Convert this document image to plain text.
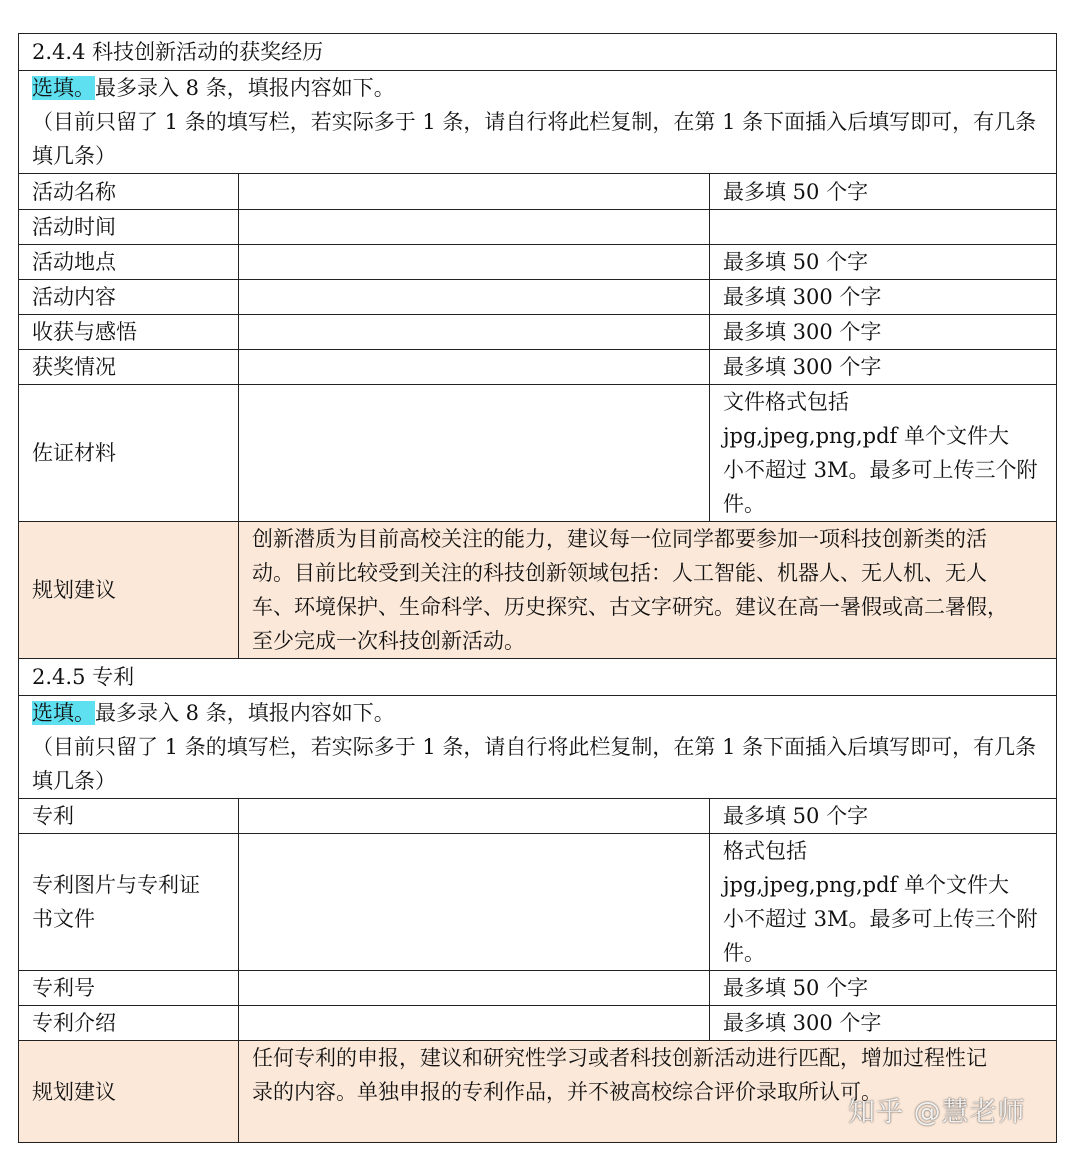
2.4.4 科技创新活动的获奖经历		
选填。最多录入 8 条，填报内容如下。
（目前只留了 1 条的填写栏，若实际多于 1 条，请自行将此栏复制，在第 1 条下面插入后填写即可，有几条填几条）		
活动名称		最多填 50 个字
活动时间		
活动地点		最多填 50 个字
活动内容		最多填 300 个字
收获与感悟		最多填 300 个字
获奖情况		最多填 300 个字
佐证材料		文件格式包括
jpg,jpeg,png,pdf 单个文件大
小不超过 3M。最多可上传三个附
件。

规划建议	创新潜质为目前高校关注的能力，建议每一位同学都要参加一项科技创新类的活
动。目前比较受到关注的科技创新领域包括：人工智能、机器人、无人机、无人
车、环境保护、生命科学、历史探究、古文字研究。建议在高一暑假或高二暑假，
至少完成一次科技创新活动。	

2.4.5 专利		
选填。最多录入 8 条，填报内容如下。
（目前只留了 1 条的填写栏，若实际多于 1 条，请自行将此栏复制，在第 1 条下面插入后填写即可，有几条填几条）		
专利		最多填 50 个字

专利图片与专利证
书文件		格式包括
jpg,jpeg,png,pdf 单个文件大
小不超过 3M。最多可上传三个附
件。

专利号		最多填 50 个字
专利介绍		最多填 300 个字
规划建议	任何专利的申报，建议和研究性学习或者科技创新活动进行匹配，增加过程性记
录的内容。单独申报的专利作品，并不被高校综合评价录取所认可。	
知乎 @慧老师
